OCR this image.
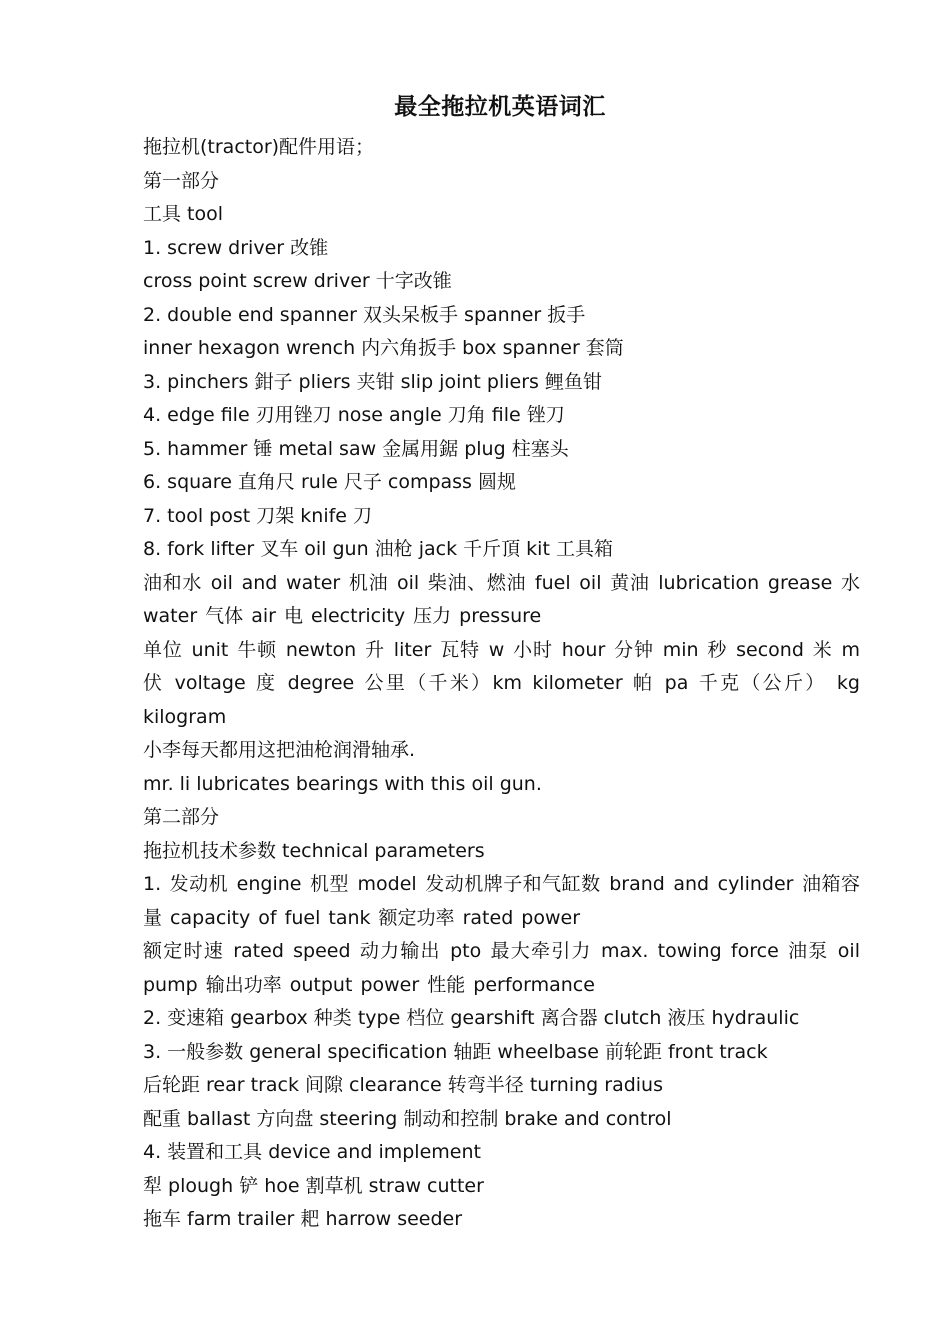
最全拖拉机英语词汇
拖拉机(tractor)配件用语；
第一部分
工具 tool
1. screw driver 改锥
cross point screw driver 十字改锥
2. double end spanner 双头呆板手 spanner 扳手
inner hexagon wrench 内六角扳手 box spanner 套筒
3. pinchers 鉗子 pliers 夹钳 slip joint pliers 鲤鱼钳
4. edge file 刃用锉刀 nose angle 刀角 file 锉刀
5. hammer 锤 metal saw 金属用鋸 plug 柱塞头
6. square 直角尺 rule 尺子 compass 圆规
7. tool post 刀架 knife 刀
8. fork lifter 叉车 oil gun 油枪 jack 千斤頂 kit 工具箱
油和水 oil and water 机油 oil 柴油、燃油 fuel oil 黄油 lubrication grease 水 water 气体 air 电 electricity 压力 pressure
单位 unit 牛顿 newton 升 liter 瓦特 w 小时 hour 分钟 min 秒 second 米 m 伏 voltage 度 degree 公里（千米）km kilometer 帕 pa 千克（公斤） kg kilogram
小李每天都用这把油枪润滑轴承.
mr. li lubricates bearings with this oil gun.
第二部分
拖拉机技术参数 technical parameters
1. 发动机 engine 机型 model 发动机牌子和气缸数 brand and cylinder 油箱容量 capacity of fuel tank 额定功率 rated power
额定时速 rated speed 动力输出 pto 最大牵引力 max. towing force 油泵 oil pump 输出功率 output power 性能 performance
2. 变速箱 gearbox 种类 type 档位 gearshift 离合器 clutch 液压 hydraulic
3. 一般参数 general specification 轴距 wheelbase 前轮距 front track
后轮距 rear track 间隙 clearance 转弯半径 turning radius
配重 ballast 方向盘 steering 制动和控制 brake and control
4. 装置和工具 device and implement
犁 plough 铲 hoe 割草机 straw cutter
拖车 farm trailer 耙 harrow seeder
